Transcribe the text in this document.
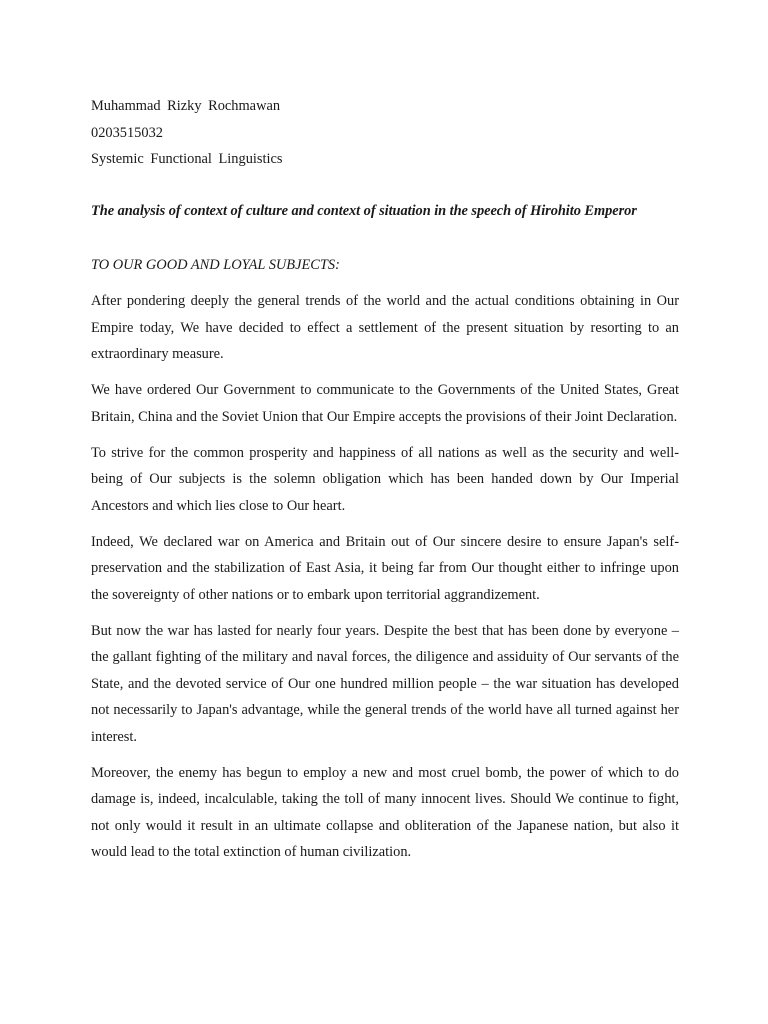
Muhammad Rizky Rochmawan
0203515032
Systemic Functional Linguistics
The analysis of context of culture and context of situation in the speech of Hirohito Emperor
TO OUR GOOD AND LOYAL SUBJECTS:

After pondering deeply the general trends of the world and the actual conditions obtaining in Our Empire today, We have decided to effect a settlement of the present situation by resorting to an extraordinary measure.

We have ordered Our Government to communicate to the Governments of the United States, Great Britain, China and the Soviet Union that Our Empire accepts the provisions of their Joint Declaration.

To strive for the common prosperity and happiness of all nations as well as the security and well-being of Our subjects is the solemn obligation which has been handed down by Our Imperial Ancestors and which lies close to Our heart.

Indeed, We declared war on America and Britain out of Our sincere desire to ensure Japan's self-preservation and the stabilization of East Asia, it being far from Our thought either to infringe upon the sovereignty of other nations or to embark upon territorial aggrandizement.

But now the war has lasted for nearly four years. Despite the best that has been done by everyone – the gallant fighting of the military and naval forces, the diligence and assiduity of Our servants of the State, and the devoted service of Our one hundred million people – the war situation has developed not necessarily to Japan's advantage, while the general trends of the world have all turned against her interest.

Moreover, the enemy has begun to employ a new and most cruel bomb, the power of which to do damage is, indeed, incalculable, taking the toll of many innocent lives. Should We continue to fight, not only would it result in an ultimate collapse and obliteration of the Japanese nation, but also it would lead to the total extinction of human civilization.
